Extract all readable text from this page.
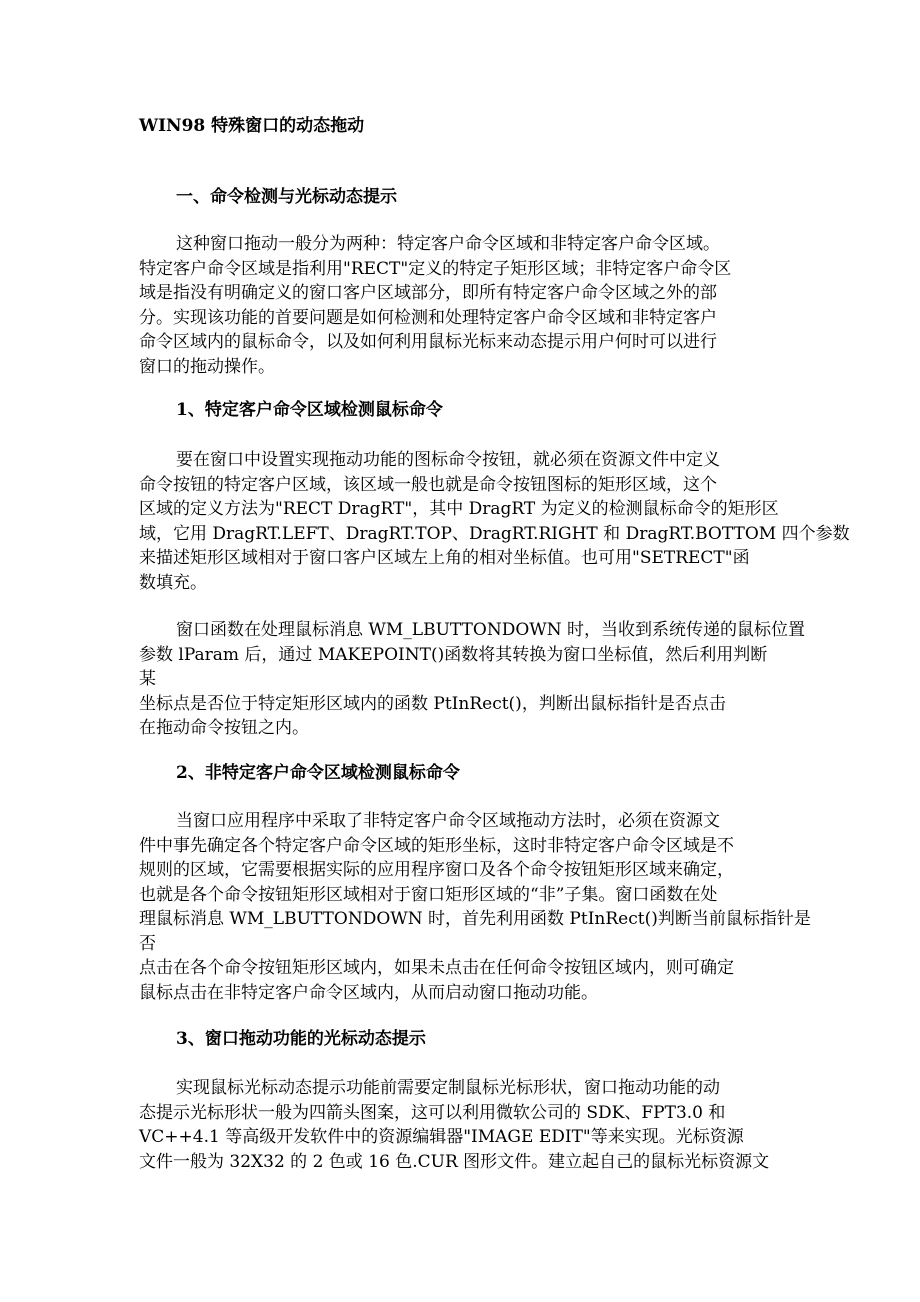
WIN98 特殊窗口的动态拖动
一、命令检测与光标动态提示

这种窗口拖动一般分为两种：特定客户命令区域和非特定客户命令区域。
特定客户命令区域是指利用"RECT"定义的特定子矩形区域；非特定客户命令区
域是指没有明确定义的窗口客户区域部分，即所有特定客户命令区域之外的部
分。实现该功能的首要问题是如何检测和处理特定客户命令区域和非特定客户
命令区域内的鼠标命令，以及如何利用鼠标光标来动态提示用户何时可以进行
窗口的拖动操作。

1、特定客户命令区域检测鼠标命令

要在窗口中设置实现拖动功能的图标命令按钮，就必须在资源文件中定义
命令按钮的特定客户区域，该区域一般也就是命令按钮图标的矩形区域，这个
区域的定义方法为"RECT DragRT"，其中 DragRT 为定义的检测鼠标命令的矩形区
域，它用 DragRT.LEFT、DragRT.TOP、DragRT.RIGHT 和 DragRT.BOTTOM 四个参数
来描述矩形区域相对于窗口客户区域左上角的相对坐标值。也可用"SETRECT"函
数填充。

窗口函数在处理鼠标消息 WM_LBUTTONDOWN 时，当收到系统传递的鼠标位置
参数 lParam 后，通过 MAKEPOINT()函数将其转换为窗口坐标值，然后利用判断
某
坐标点是否位于特定矩形区域内的函数 PtInRect()，判断出鼠标指针是否点击
在拖动命令按钮之内。

2、非特定客户命令区域检测鼠标命令

当窗口应用程序中采取了非特定客户命令区域拖动方法时，必须在资源文
件中事先确定各个特定客户命令区域的矩形坐标，这时非特定客户命令区域是不
规则的区域，它需要根据实际的应用程序窗口及各个命令按钮矩形区域来确定，
也就是各个命令按钮矩形区域相对于窗口矩形区域的“非”子集。窗口函数在处
理鼠标消息 WM_LBUTTONDOWN 时，首先利用函数 PtInRect()判断当前鼠标指针是
否
点击在各个命令按钮矩形区域内，如果未点击在任何命令按钮区域内，则可确定
鼠标点击在非特定客户命令区域内，从而启动窗口拖动功能。

3、窗口拖动功能的光标动态提示

实现鼠标光标动态提示功能前需要定制鼠标光标形状，窗口拖动功能的动
态提示光标形状一般为四箭头图案，这可以利用微软公司的 SDK、FPT3.0 和
VC++4.1 等高级开发软件中的资源编辑器"IMAGE EDIT"等来实现。光标资源
文件一般为 32X32 的 2 色或 16 色.CUR 图形文件。建立起自己的鼠标光标资源文
